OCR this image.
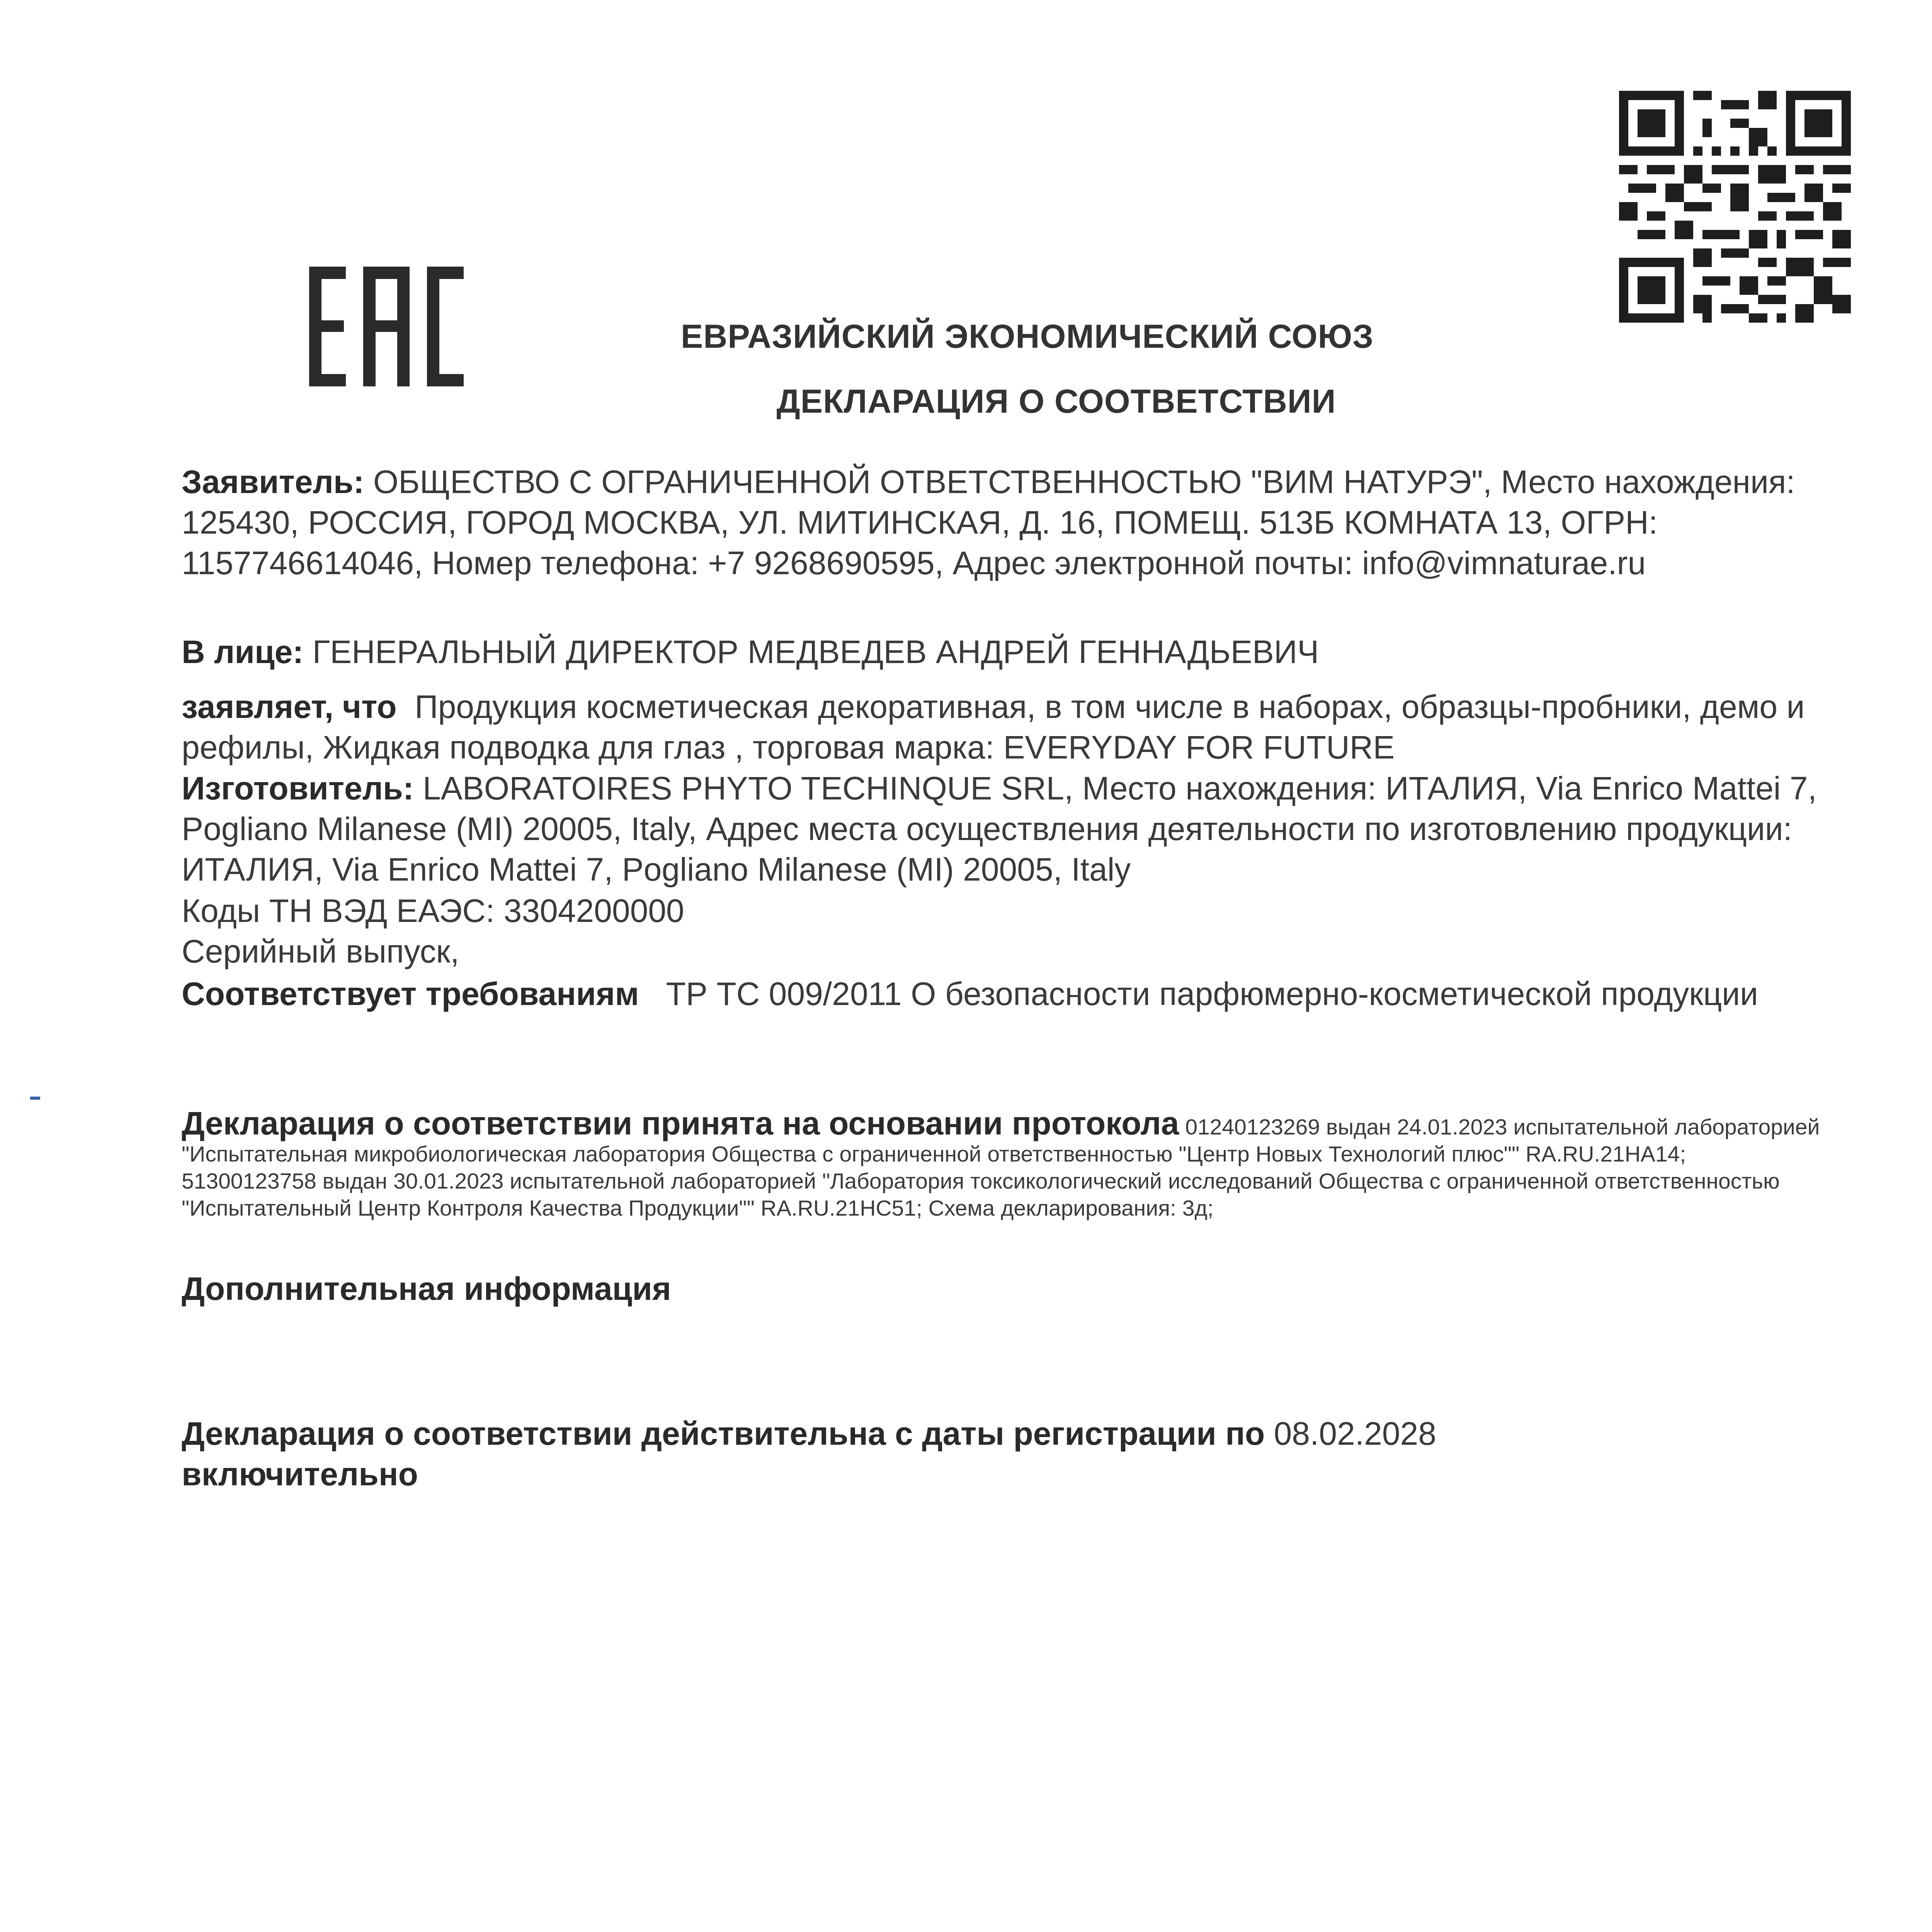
ЕВРАЗИЙСКИЙ ЭКОНОМИЧЕСКИЙ СОЮЗ
ДЕКЛАРАЦИЯ О СООТВЕТСТВИИ
Заявитель: ОБЩЕСТВО С ОГРАНИЧЕННОЙ ОТВЕТСТВЕННОСТЬЮ "ВИМ НАТУРЭ", Место нахождения: 125430, РОССИЯ, ГОРОД МОСКВА, УЛ. МИТИНСКАЯ, Д. 16, ПОМЕЩ. 513Б КОМНАТА 13, ОГРН: 1157746614046, Номер телефона: +7 9268690595, Адрес электронной почты: info@vimnaturae.ru
В лице: ГЕНЕРАЛЬНЫЙ ДИРЕКТОР МЕДВЕДЕВ АНДРЕЙ ГЕННАДЬЕВИЧ
заявляет, что Продукция косметическая декоративная, в том числе в наборах, образцы-пробники, демо и рефилы, Жидкая подводка для глаз , торговая марка: EVERYDAY FOR FUTURE
Изготовитель: LABORATOIRES PHYTO TECHINQUE SRL, Место нахождения: ИТАЛИЯ, Via Enrico Mattei 7, Pogliano Milanese (MI) 20005, Italy, Адрес места осуществления деятельности по изготовлению продукции: ИТАЛИЯ, Via Enrico Mattei 7, Pogliano Milanese (MI) 20005, Italy
Коды ТН ВЭД ЕАЭС: 3304200000
Серийный выпуск,
Соответствует требованиям ТР ТС 009/2011 О безопасности парфюмерно-косметической продукции
Декларация о соответствии принята на основании протокола 01240123269 выдан 24.01.2023 испытательной лабораторией "Испытательная микробиологическая лаборатория Общества с ограниченной ответственностью "Центр Новых Технологий плюс"" RA.RU.21HA14; 51300123758 выдан 30.01.2023 испытательной лабораторией "Лаборатория токсикологический исследований Общества с ограниченной ответственностью "Испытательный Центр Контроля Качества Продукции"" RA.RU.21HC51; Схема декларирования: 3д;
Дополнительная информация
Декларация о соответствии действительна с даты регистрации по 08.02.2028
включительно
